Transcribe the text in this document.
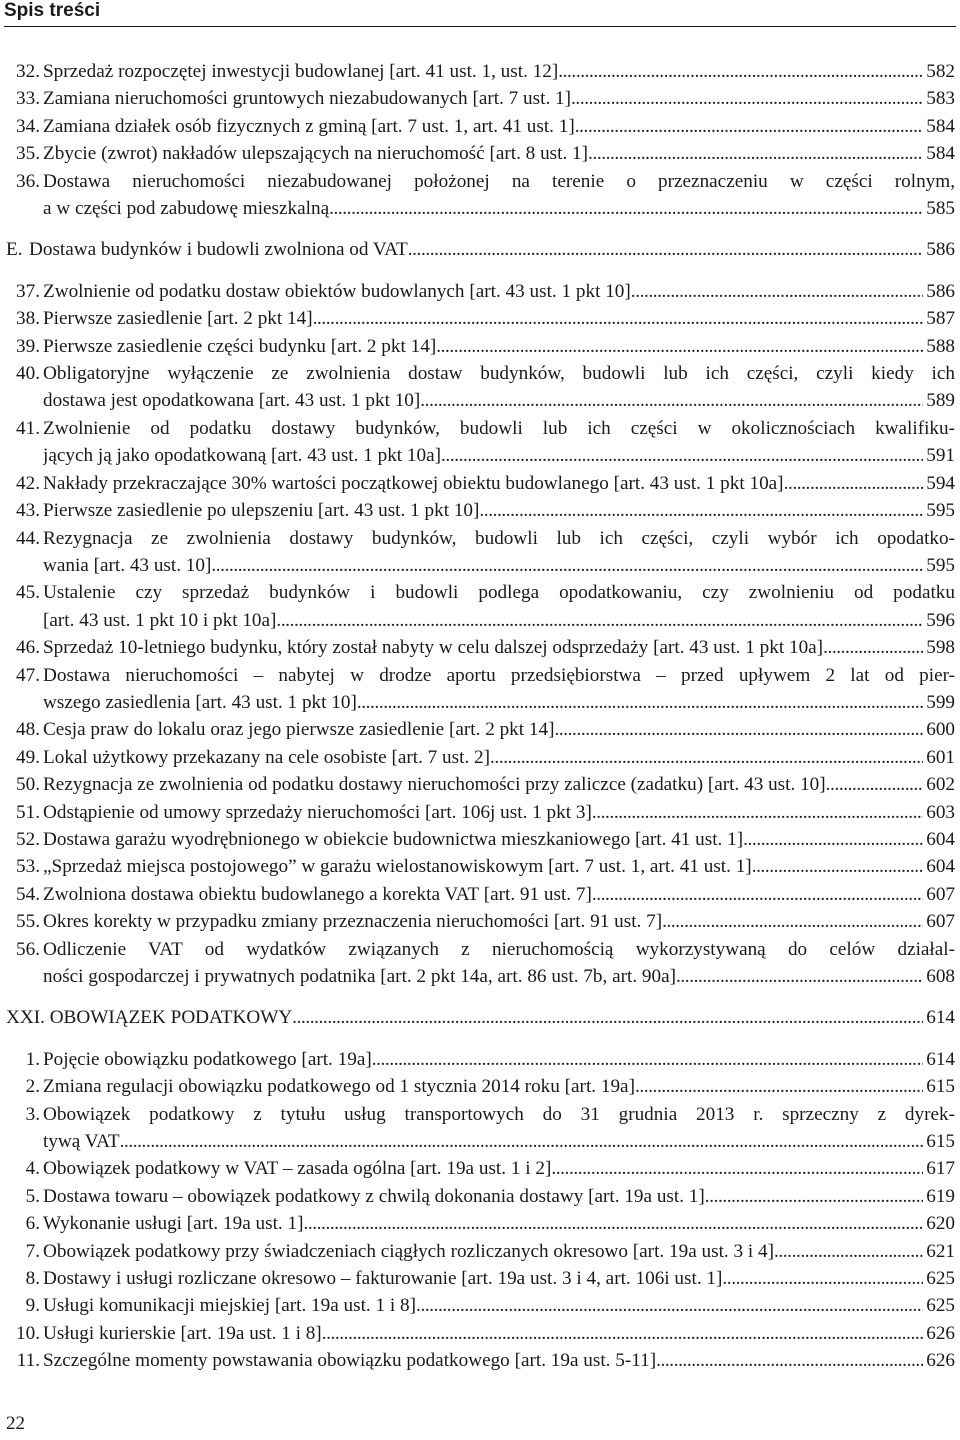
Spis treści
32. Sprzedaż rozpoczętej inwestycji budowlanej [art. 41 ust. 1, ust. 12] . . .	582
33. Zamiana nieruchomości gruntowych niezabudowanych [art. 7 ust. 1] . . .	583
34. Zamiana działek osób fizycznych z gminą [art. 7 ust. 1, art. 41 ust. 1] . . .	584
35. Zbycie (zwrot) nakładów ulepszających na nieruchomość [art. 8 ust. 1] . . .	584
36. Dostawa nieruchomości niezabudowanej położonej na terenie o przeznaczeniu w części rolnym,
a w części pod zabudowę mieszkalną . . .	585
E. Dostawa budynków i budowli zwolniona od VAT . . .	586
37. Zwolnienie od podatku dostaw obiektów budowlanych [art. 43 ust. 1 pkt 10] . . .	586
38. Pierwsze zasiedlenie [art. 2 pkt 14] . . .	587
39. Pierwsze zasiedlenie części budynku [art. 2 pkt 14] . . .	588
40. Obligatoryjne wyłączenie ze zwolnienia dostaw budynków, budowli lub ich części, czyli kiedy ich
dostawa jest opodatkowana [art. 43 ust. 1 pkt 10] . . .	589
41. Zwolnienie od podatku dostawy budynków, budowli lub ich części w okolicznościach kwalifiku-
jących ją jako opodatkowaną [art. 43 ust. 1 pkt 10a] . . .	591
42. Nakłady przekraczające 30% wartości początkowej obiektu budowlanego [art. 43 ust. 1 pkt 10a] . . .	594
43. Pierwsze zasiedlenie po ulepszeniu [art. 43 ust. 1 pkt 10] . . .	595
44. Rezygnacja ze zwolnienia dostawy budynków, budowli lub ich części, czyli wybór ich opodatko-
wania [art. 43 ust. 10] . . .	595
45. Ustalenie czy sprzedaż budynków i budowli podlega opodatkowaniu, czy zwolnieniu od podatku
[art. 43 ust. 1 pkt 10 i pkt 10a] . . .	596
46. Sprzedaż 10-letniego budynku, który został nabyty w celu dalszej odsprzedaży [art. 43 ust. 1 pkt 10a] . . .	598
47. Dostawa nieruchomości – nabytej w drodze aportu przedsiębiorstwa – przed upływem 2 lat od pier-
wszego zasiedlenia [art. 43 ust. 1 pkt 10] . . .	599
48. Cesja praw do lokalu oraz jego pierwsze zasiedlenie [art. 2 pkt 14] . . .	600
49. Lokal użytkowy przekazany na cele osobiste [art. 7 ust. 2] . . .	601
50. Rezygnacja ze zwolnienia od podatku dostawy nieruchomości przy zaliczce (zadatku) [art. 43 ust. 10] . . .	602
51. Odstąpienie od umowy sprzedaży nieruchomości [art. 106j ust. 1 pkt 3] . . .	603
52. Dostawa garażu wyodrębnionego w obiekcie budownictwa mieszkaniowego [art. 41 ust. 1] . . .	604
53. „Sprzedaż miejsca postojowego” w garażu wielostanowiskowym [art. 7 ust. 1, art. 41 ust. 1] . . .	604
54. Zwolniona dostawa obiektu budowlanego a korekta VAT [art. 91 ust. 7] . . .	607
55. Okres korekty w przypadku zmiany przeznaczenia nieruchomości [art. 91 ust. 7] . . .	607
56. Odliczenie VAT od wydatków związanych z nieruchomością wykorzystywaną do celów działal-
ności gospodarczej i prywatnych podatnika [art. 2 pkt 14a, art. 86 ust. 7b, art. 90a] . . .	608
XXI. OBOWIĄZEK PODATKOWY . . .	614
1. Pojęcie obowiązku podatkowego [art. 19a] . . .	614
2. Zmiana regulacji obowiązku podatkowego od 1 stycznia 2014 roku [art. 19a] . . .	615
3. Obowiązek podatkowy z tytułu usług transportowych do 31 grudnia 2013 r. sprzeczny z dyrek-
tywą VAT . . .	615
4. Obowiązek podatkowy w VAT – zasada ogólna [art. 19a ust. 1 i 2] . . .	617
5. Dostawa towaru – obowiązek podatkowy z chwilą dokonania dostawy [art. 19a ust. 1] . . .	619
6. Wykonanie usługi [art. 19a ust. 1] . . .	620
7. Obowiązek podatkowy przy świadczeniach ciągłych rozliczanych okresowo [art. 19a ust. 3 i 4] . . .	621
8. Dostawy i usługi rozliczane okresowo – fakturowanie [art. 19a ust. 3 i 4, art. 106i ust. 1] . . .	625
9. Usługi komunikacji miejskiej [art. 19a ust. 1 i 8] . . .	625
10. Usługi kurierskie [art. 19a ust. 1 i 8] . . .	626
11. Szczególne momenty powstawania obowiązku podatkowego [art. 19a ust. 5-11] . . .	626
22
